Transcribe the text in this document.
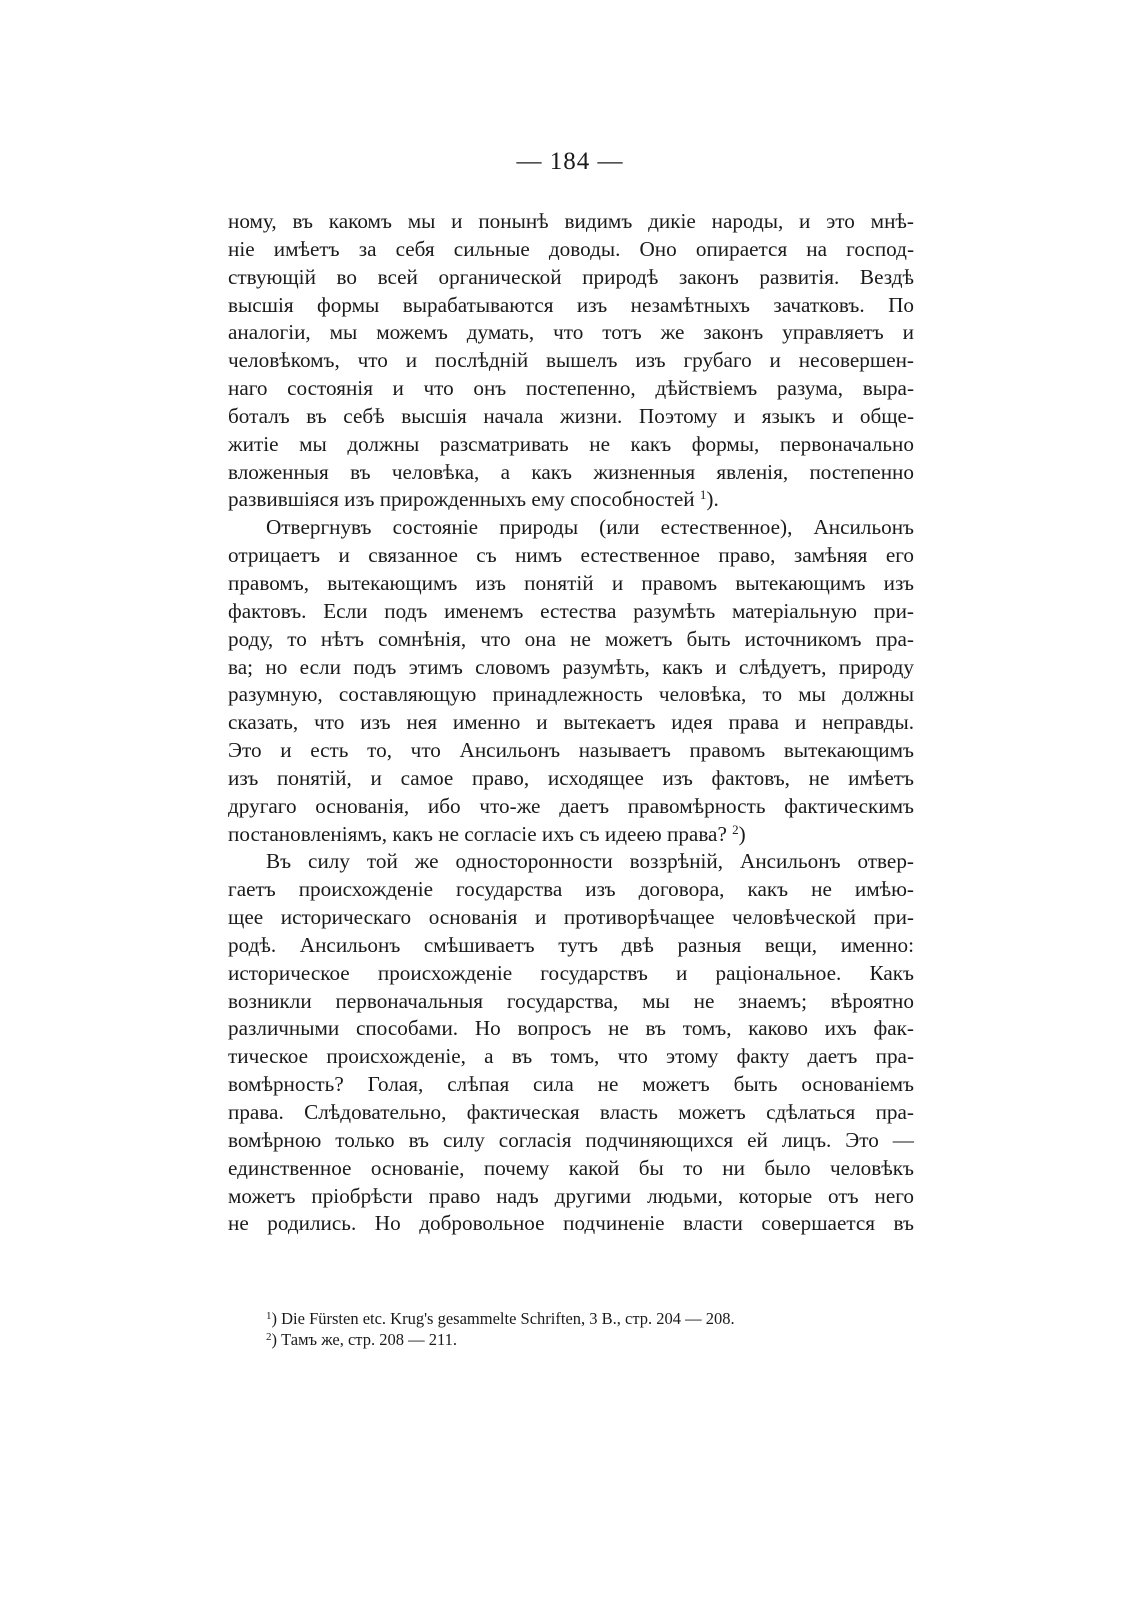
— 184 —
ному, въ какомъ мы и понынѣ видимъ дикіе народы, и это мнѣ-
ніе имѣетъ за себя сильные доводы. Оно опирается на господ-
ствующій во всей органической природѣ законъ развитія. Вездѣ
высшія формы вырабатываются изъ незамѣтныхъ зачатковъ. По
аналогіи, мы можемъ думать, что тотъ же законъ управляетъ и
человѣкомъ, что и послѣдній вышелъ изъ грубаго и несовершен-
наго состоянія и что онъ постепенно, дѣйствіемъ разума, выра-
боталъ въ себѣ высшія начала жизни. Поэтому и языкъ и обще-
житіе мы должны разсматривать не какъ формы, первоначально
вложенныя въ человѣка, а какъ жизненныя явленія, постепенно
развившіяся изъ прирожденныхъ ему способностей $^1$).
Отвергнувъ состояніе природы (или естественное), Ансильонъ
отрицаетъ и связанное съ нимъ естественное право, замѣняя его
правомъ, вытекающимъ изъ понятій и правомъ вытекающимъ изъ
фактовъ. Если подъ именемъ естества разумѣть матеріальную при-
роду, то нѣтъ сомнѣнія, что она не можетъ быть источникомъ пра-
ва; но если подъ этимъ словомъ разумѣть, какъ и слѣдуетъ, природу
разумную, составляющую принадлежность человѣка, то мы должны
сказать, что изъ нея именно и вытекаетъ идея права и неправды.
Это и есть то, что Ансильонъ называетъ правомъ вытекающимъ
изъ понятій, и самое право, исходящее изъ фактовъ, не имѣетъ
другаго основанія, ибо что-же даетъ правомѣрность фактическимъ
постановленіямъ, какъ не согласіе ихъ съ идеею права? $^2$)
Въ силу той же односторонности воззрѣній, Ансильонъ отвер-
гаетъ происхожденіе государства изъ договора, какъ не имѣю-
щее историческаго основанія и противорѣчащее человѣческой при-
родѣ. Ансильонъ смѣшиваетъ тутъ двѣ разныя вещи, именно:
историческое происхожденіе государствъ и раціональное. Какъ
возникли первоначальныя государства, мы не знаемъ; вѣроятно
различными способами. Но вопросъ не въ томъ, каково ихъ фак-
тическое происхожденіе, а въ томъ, что этому факту даетъ пра-
вомѣрность? Голая, слѣпая сила не можетъ быть основаніемъ
права. Слѣдовательно, фактическая власть можетъ сдѣлаться пра-
вомѣрною только въ силу согласія подчиняющихся ей лицъ. Это —
единственное основаніе, почему какой бы то ни было человѣкъ
можетъ пріобрѣсти право надъ другими людьми, которые отъ него
не родились. Но добровольное подчиненіе власти совершается въ
$^1$) Die Fürsten etc. Krug's gesammelte Schriften, 3 B., стр. 204 — 208.
$^2$) Тамъ же, стр. 208 — 211.
